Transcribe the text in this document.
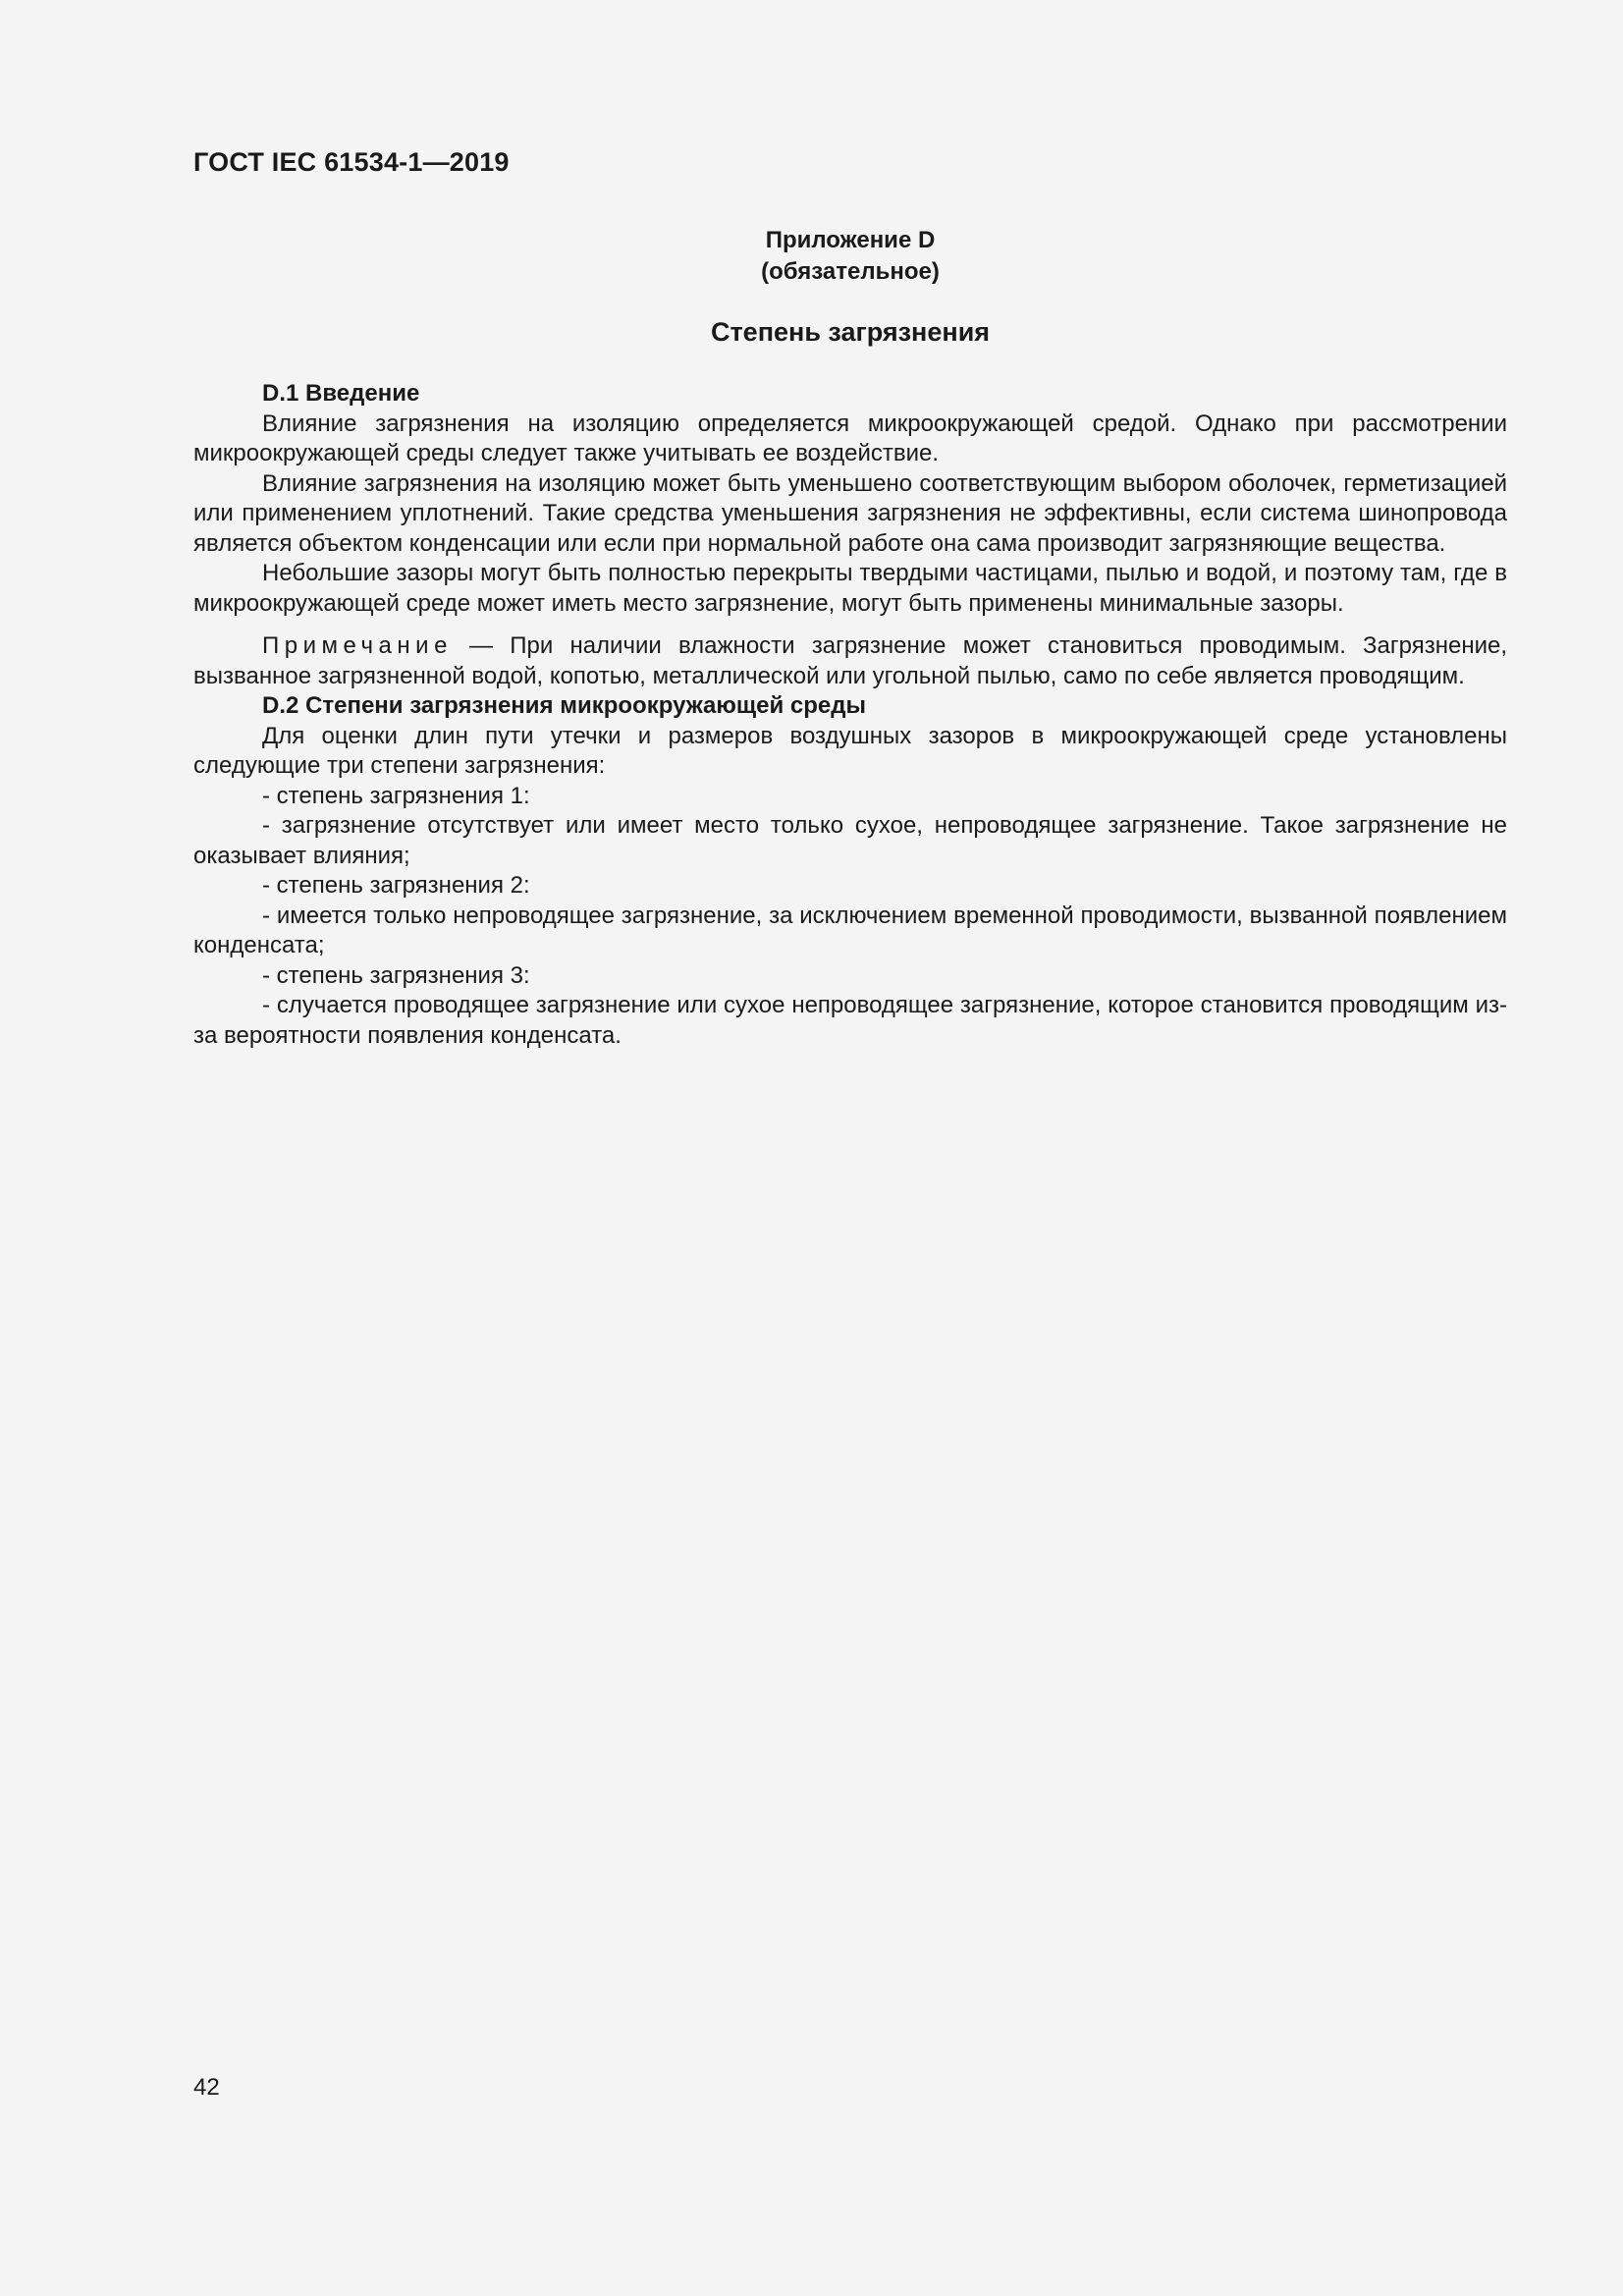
ГОСТ IEC 61534-1—2019
Приложение D
(обязательное)
Степень загрязнения

D.1 Введение

Влияние загрязнения на изоляцию определяется микроокружающей средой. Однако при рассмотрении микроокружающей среды следует также учитывать ее воздействие.

Влияние загрязнения на изоляцию может быть уменьшено соответствующим выбором оболочек, герметизацией или применением уплотнений. Такие средства уменьшения загрязнения не эффективны, если система шинопровода является объектом конденсации или если при нормальной работе она сама производит загрязняющие вещества.

Небольшие зазоры могут быть полностью перекрыты твердыми частицами, пылью и водой, и поэтому там, где в микроокружающей среде может иметь место загрязнение, могут быть применены минимальные зазоры.

Примечание — При наличии влажности загрязнение может становиться проводимым. Загрязнение, вызванное загрязненной водой, копотью, металлической или угольной пылью, само по себе является проводящим.

D.2 Степени загрязнения микроокружающей среды

Для оценки длин пути утечки и размеров воздушных зазоров в микроокружающей среде установлены следующие три степени загрязнения:

- степень загрязнения 1:

- загрязнение отсутствует или имеет место только сухое, непроводящее загрязнение. Такое загрязнение не оказывает влияния;

- степень загрязнения 2:

- имеется только непроводящее загрязнение, за исключением временной проводимости, вызванной появлением конденсата;

- степень загрязнения 3:

- случается проводящее загрязнение или сухое непроводящее загрязнение, которое становится проводящим из-за вероятности появления конденсата.

42
